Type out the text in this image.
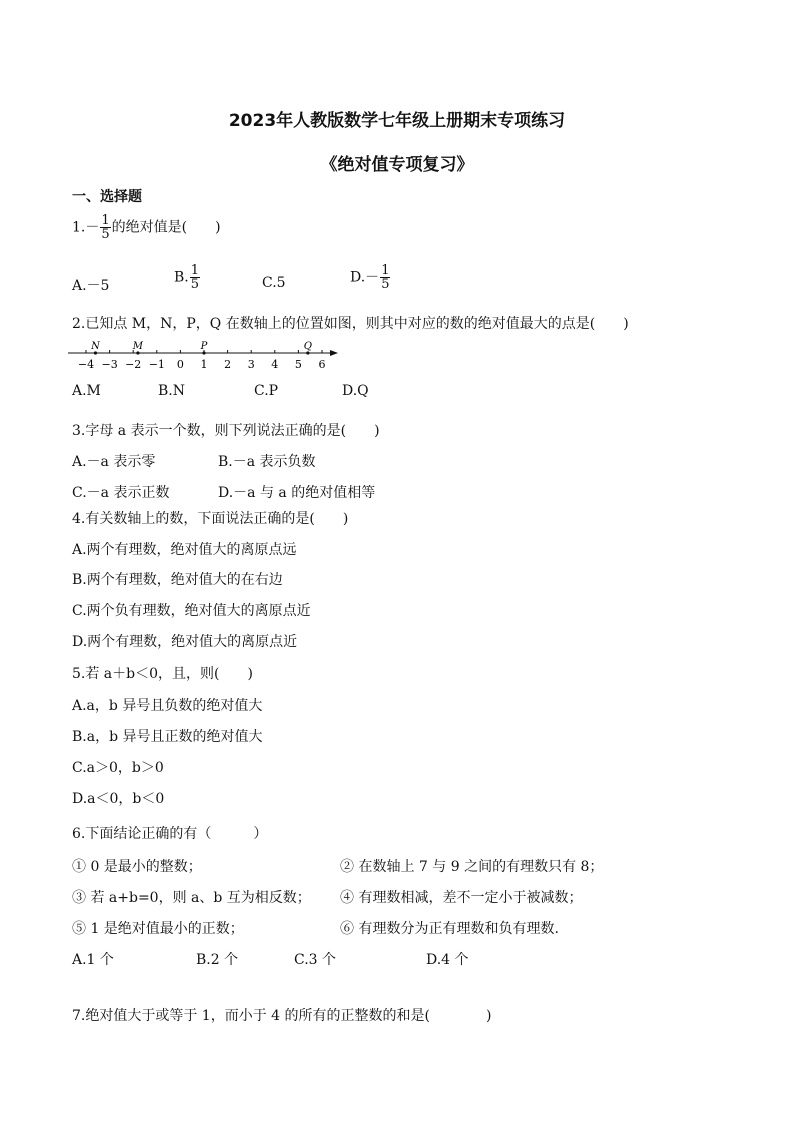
2023年人教版数学七年级上册期末专项练习
《绝对值专项复习》
一、选择题
$1.- \frac{1}{5}$ 的绝对值是(　　)
A.－5
B. $\frac{1}{5}$	C.5	$D.- \frac{1}{5}$
2.已知点 M，N，P，Q 在数轴上的位置如图，则其中对应的数的绝对值最大的点是(　　)
−4 −3 −2 −1 0 1 2 3 4 5 6
N	M	P	Q
A.M	B.N	C.P	D.Q
3.字母 a 表示一个数，则下列说法正确的是(　　)
A.－a 表示零	B.－a 表示负数
C.－a 表示正数	D.－a 与 a 的绝对值相等
4.有关数轴上的数，下面说法正确的是(　　)
A.两个有理数，绝对值大的离原点远
B.两个有理数，绝对值大的在右边
C.两个负有理数，绝对值大的离原点近
D.两个有理数，绝对值大的离原点近
5.若 a＋b＜0，且，则(　　)
A.a，b 异号且负数的绝对值大
B.a，b 异号且正数的绝对值大
C.a＞0，b＞0
D.a＜0，b＜0
6.下面结论正确的有（　　　）
① 0 是最小的整数；	② 在数轴上 7 与 9 之间的有理数只有 8；
③ 若 a+b=0，则 a、b 互为相反数； ④ 有理数相减，差不一定小于被减数；
⑤ 1 是绝对值最小的正数；	⑥ 有理数分为正有理数和负有理数.
A.1 个	B.2 个	C.3 个	D.4 个
7.绝对值大于或等于 1，而小于 4 的所有的正整数的和是(　　　　)
